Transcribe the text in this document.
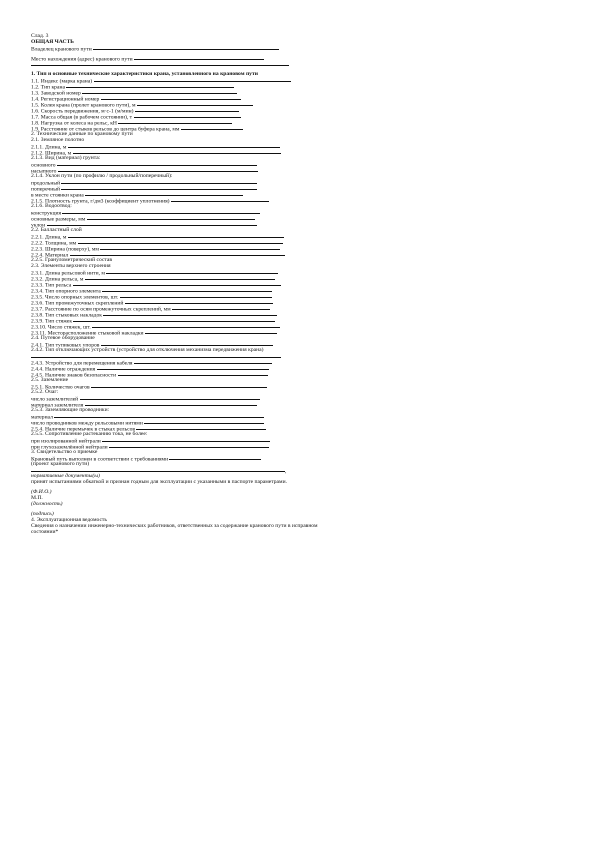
Слад. 3
ОБЩАЯ ЧАСТЬ
Владелец кранового пути
Место нахождения (адрес) кранового пути
1. Тип и основные технические характеристики крана, установленного на крановом пути
1.1. Индекс (марка крана)
1.2. Тип крана
1.3. Заводской номер
1.4. Регистрационный номер
1.5. Колея крана (пролет кранового пути), м
1.6. Скорость передвижения, м·с-1 (м/мин)
1.7. Масса общая (в рабочем состоянии), т
1.8. Нагрузка от колеса на рельс, кН
1.9. Расстояние от стыков рельсов до центра буфера крана, мм
2. Техническиe данные по крановому пути
2.1. Земляное полотно
2.1.1. Длина, м
2.1.2. Ширина, м
2.1.3. Вид (материал) грунта:
основного
насыпного
2.1.4. Уклон пути (по профилю / продольный/поперечный):
продольный
поперечный
в месте стоянки крана
2.1.5. Плотность грунта, г/дм3 (коэффициент уплотнения)
2.1.6. Водоотвод:
конструкция
основные размеры, мм
уклон
2.2. Балластный слой
2.2.1. Длина, м
2.2.2. Толщина, мм
2.2.3. Ширина (поверху), мм
2.2.4. Материал
2.2.5. Гранулометрический состав
2.3. Элементы верхнего строения
2.3.1. Длина рельсовой нити, м
2.3.2. Длина рельса, м
2.3.3. Тип рельса
2.3.4. Тип опорного элемента
2.3.5. Число опорных элементов, шт.
2.3.6. Тип промежуточных скреплений
2.3.7. Расстояние по осям промежуточных скреплений, мм
2.3.8. Тип стыковых накладок
2.3.9. Тип стяжек
2.3.10. Число стяжек, шт.
2.3.11. Месторасположение стыковой накладки
2.4. Путевое оборудование
2.4.1. Тип тупиковых упоров
2.4.2. Тип отключающих устройств (устройство для отключения механизма передвижения крана)
2.4.3. Устройство для перемещения кабеля
2.4.4. Наличие ограждения
2.4.5. Наличие знаков безопасности
2.5. Заземление
2.5.1. Количество очагов
2.5.2. Очаг:
число заземлителей
материал заземлителя
2.5.3. Заземляющие проводники:
материал
число проводников между рельсовыми нитями
2.5.4. Наличие перемычек в стыках рельсов
2.5.5. Сопротивление растеканию тока, не более:
при изолированной нейтрали
при глухозаземлённой нейтрали
3. Свидетельство о приемке
Крановый путь выполнен в соответствии с требованиями
(проект кранового пути)
,
нормативные документы(ы)
принят испытаниями обкаткой и признан годным для эксплуатации с указанными в паспорте параметрами.
(Ф.И.О.)
М.П.
(должность)
(подпись)
4. Эксплуатационная ведомость
Сведения о назначении инженерно-технических работников, ответственных за содержание кранового пути в исправном
состоянии*
